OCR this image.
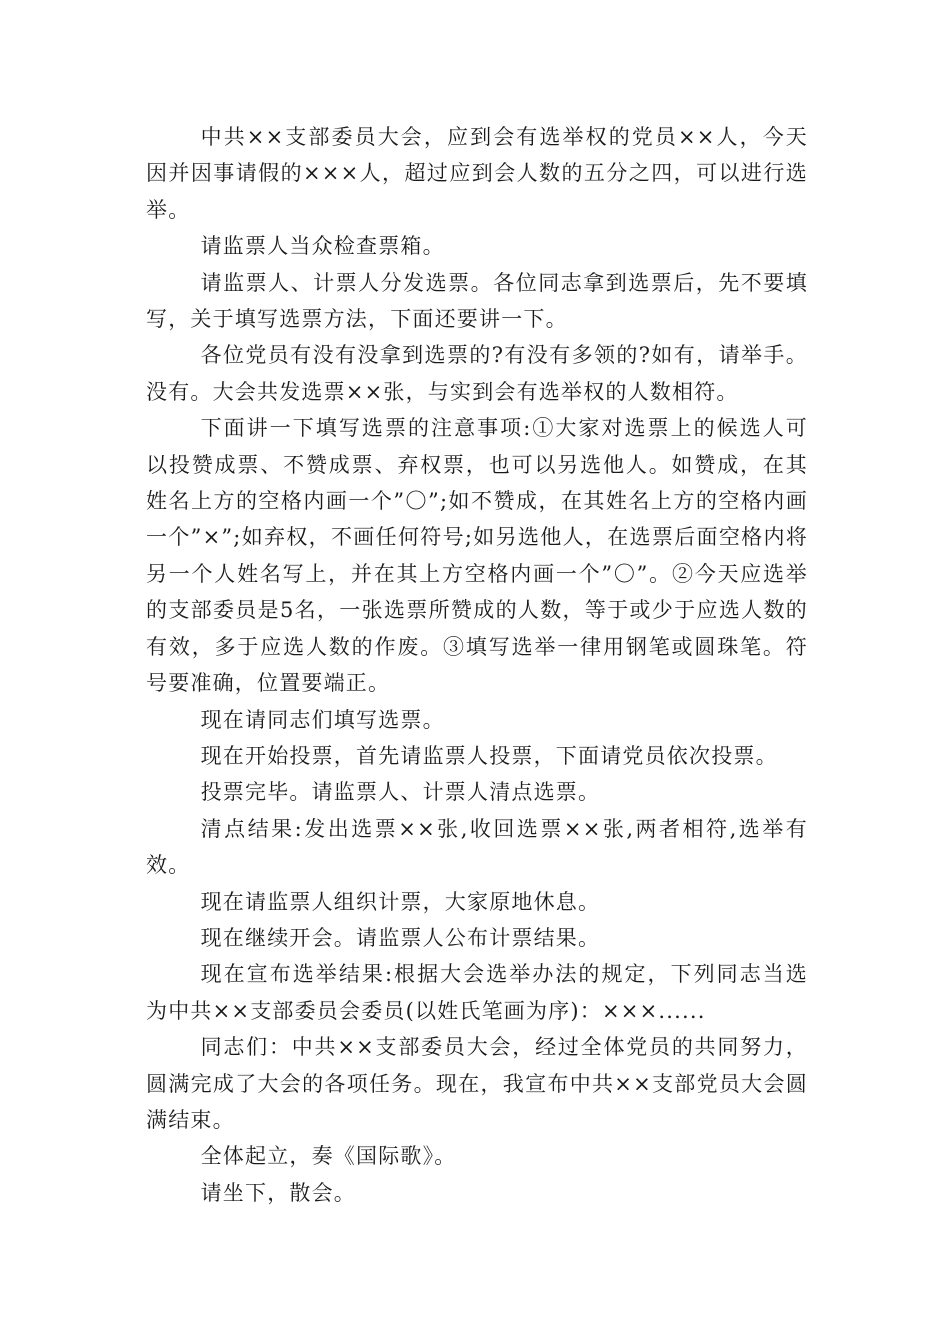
中共××支部委员大会，应到会有选举权的党员××人，今天因并因事请假的×××人，超过应到会人数的五分之四，可以进行选举。

请监票人当众检查票箱。

请监票人、计票人分发选票。各位同志拿到选票后，先不要填写，关于填写选票方法，下面还要讲一下。

各位党员有没有没拿到选票的?有没有多领的?如有，请举手。没有。大会共发选票××张，与实到会有选举权的人数相符。

下面讲一下填写选票的注意事项:①大家对选票上的候选人可以投赞成票、不赞成票、弃权票，也可以另选他人。如赞成，在其姓名上方的空格内画一个”〇”;如不赞成，在其姓名上方的空格内画一个”×”;如弃权，不画任何符号;如另选他人，在选票后面空格内将另一个人姓名写上，并在其上方空格内画一个”〇”。②今天应选举的支部委员是5名，一张选票所赞成的人数，等于或少于应选人数的有效，多于应选人数的作废。③填写选举一律用钢笔或圆珠笔。符号要准确，位置要端正。

现在请同志们填写选票。

现在开始投票，首先请监票人投票，下面请党员依次投票。

投票完毕。请监票人、计票人清点选票。

清点结果:发出选票××张,收回选票××张,两者相符,选举有效。

现在请监票人组织计票，大家原地休息。

现在继续开会。请监票人公布计票结果。

现在宣布选举结果:根据大会选举办法的规定，下列同志当选为中共××支部委员会委员(以姓氏笔画为序)：×××......

同志们：中共××支部委员大会，经过全体党员的共同努力，圆满完成了大会的各项任务。现在，我宣布中共××支部党员大会圆满结束。

全体起立，奏《国际歌》。

请坐下，散会。
